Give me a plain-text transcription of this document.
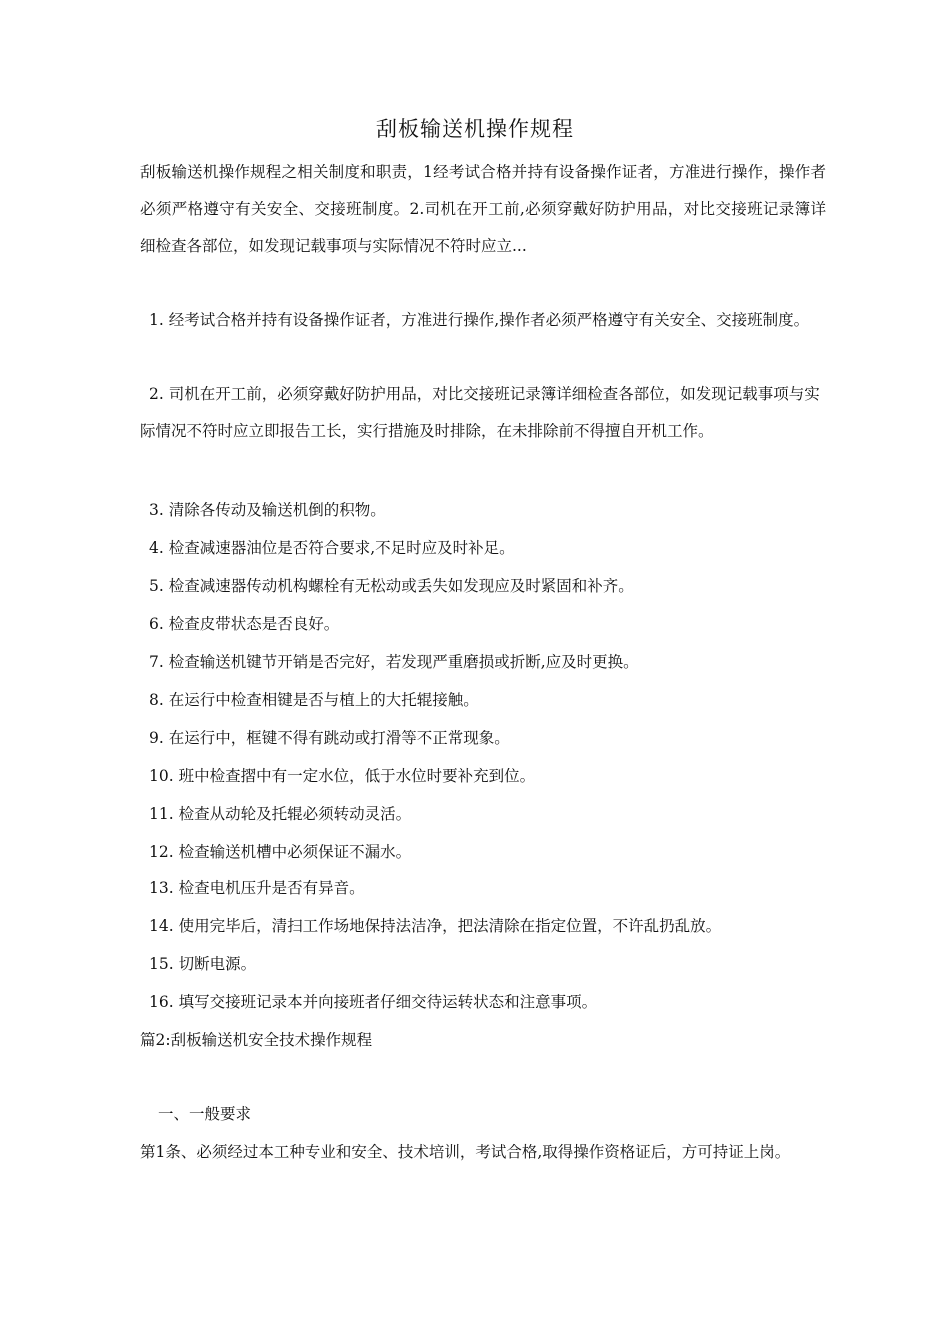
刮板输送机操作规程

刮板输送机操作规程之相关制度和职责，1经考试合格并持有设备操作证者，方准进行操作，操作者必须严格遵守有关安全、交接班制度。2.司机在开工前,必须穿戴好防护用品，对比交接班记录簿详细检查各部位，如发现记载事项与实际情况不符时应立...

1. 经考试合格并持有设备操作证者，方准进行操作,操作者必须严格遵守有关安全、交接班制度。

2. 司机在开工前，必须穿戴好防护用品，对比交接班记录簿详细检查各部位，如发现记载事项与实际情况不符时应立即报告工长，实行措施及时排除，在未排除前不得擅自开机工作。

3. 清除各传动及输送机倒的积物。

4. 检查减速器油位是否符合要求,不足时应及时补足。

5. 检查减速器传动机构螺栓有无松动或丢失如发现应及时紧固和补齐。

6. 检查皮带状态是否良好。

7. 检查输送机键节开销是否完好，若发现严重磨损或折断,应及时更换。

8. 在运行中检查相键是否与植上的大托辊接触。

9. 在运行中，框键不得有跳动或打滑等不正常现象。

10. 班中检查摺中有一定水位，低于水位时要补充到位。

11. 检查从动轮及托辊必须转动灵活。

12. 检查输送机槽中必须保证不漏水。

13. 检查电机压升是否有异音。

14. 使用完毕后，清扫工作场地保持法洁净，把法清除在指定位置，不许乱扔乱放。

15. 切断电源。

16. 填写交接班记录本并向接班者仔细交待运转状态和注意事项。

篇2:刮板输送机安全技术操作规程
一、一般要求

第1条、必须经过本工种专业和安全、技术培训，考试合格,取得操作资格证后，方可持证上岗。
